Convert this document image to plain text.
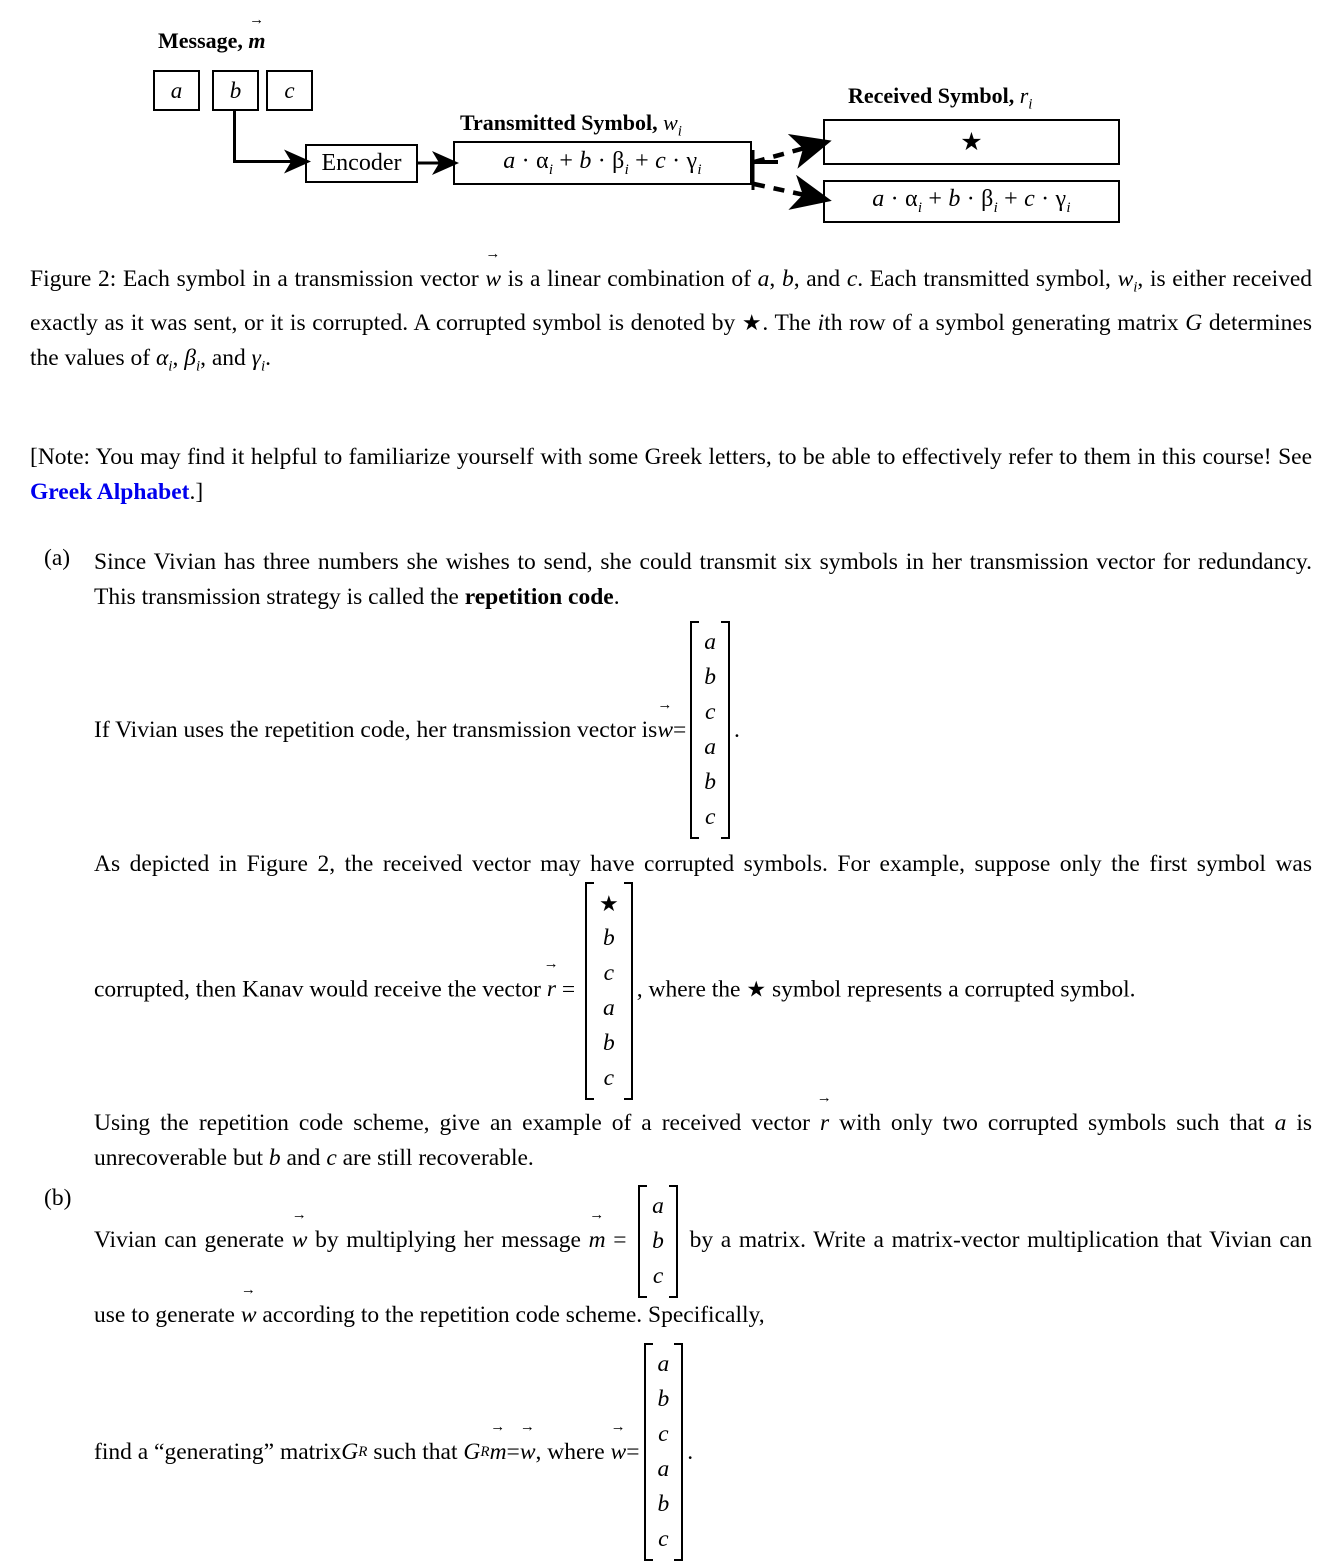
Message, → m
a b c
Encoder
Transmitted Symbol, $w_i$
$a \cdot \alpha_i + b \cdot \beta_i + c \cdot \gamma_i$
Received Symbol, $r_i$
★
$a \cdot \alpha_i + b \cdot \beta_i + c \cdot \gamma_i$
Figure 2: Each symbol in a transmission vector → w is a linear combination of a, b, and c. Each transmitted symbol, $w_i$, is either received exactly as it was sent, or it is corrupted. A corrupted symbol is denoted by ★. The ith row of a symbol generating matrix G determines the values of $\alpha_i$, $\beta_i$, and $\gamma_i$.
[Note: You may find it helpful to familiarize yourself with some Greek letters, to be able to effectively refer to them in this course! See Greek Alphabet.]
(a)	Since Vivian has three numbers she wishes to send, she could transmit six symbols in her transmission vector for redundancy. This transmission strategy is called the repetition code.
If Vivian uses the repetition code, her transmission vector is → w =
a
b
c
a
b
c
.
As depicted in Figure 2, the received vector may have corrupted symbols. For example, suppose only the first symbol was corrupted, then Kanav would receive the vector → r =
★
b
c
a
b
c
, where the ★ symbol represents a corrupted symbol.
Using the repetition code scheme, give an example of a received vector → r with only two corrupted symbols such that a is unrecoverable but b and c are still recoverable.
(b)
Vivian can generate → w by multiplying her message → m =
a
b
c
by a matrix. Write a matrix-vector multiplication that Vivian can use to generate → w according to the repetition code scheme. Specifically,
find a “generating” matrix G R such that G R → m = → w , where → w =
a
b
c
a
b
c
.
